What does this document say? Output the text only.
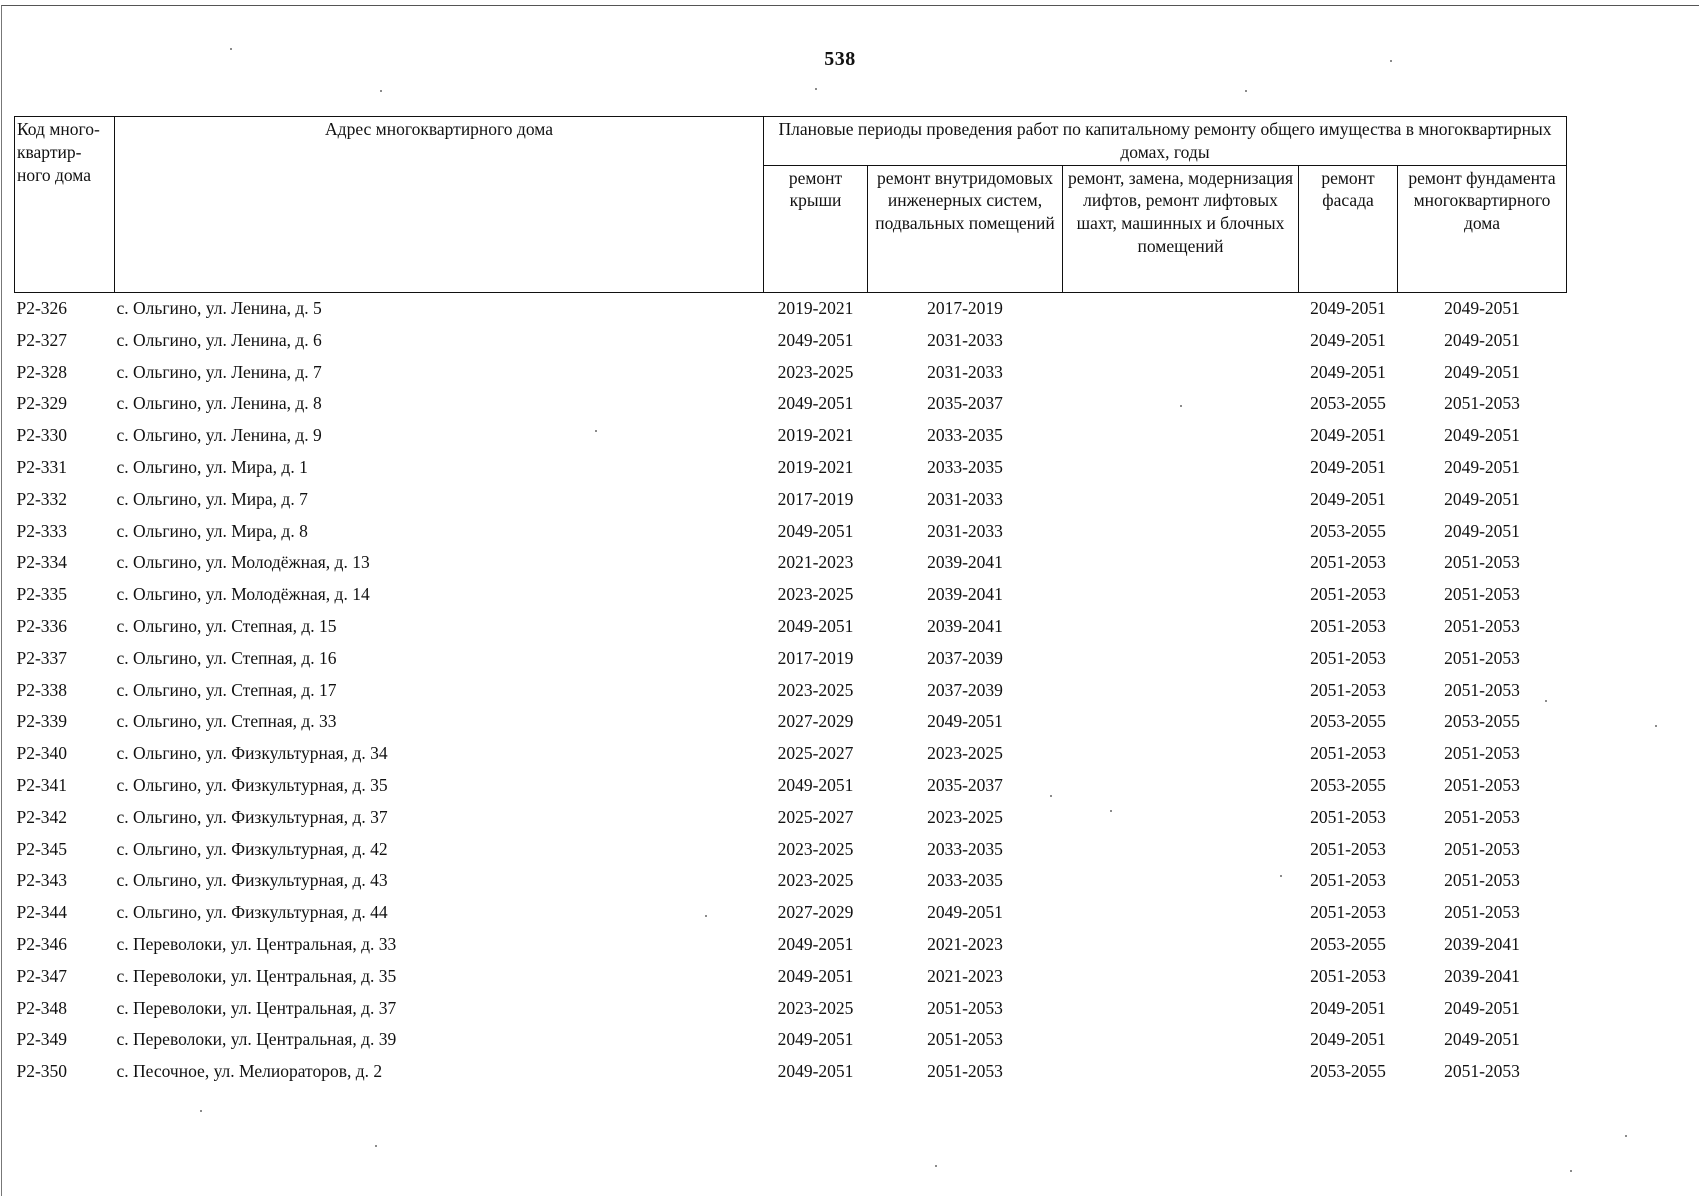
538
Код много-квартир-ного дома	Адрес многоквартирного дома	Плановые периоды проведения работ по капитальному ремонту общего имущества в многоквартирных домах, годы				
		ремонт крыши	ремонт внутридомовых инженерных систем, подвальных помещений	ремонт, замена, модернизация лифтов, ремонт лифтовых шахт, машинных и блочных помещений	ремонт фасада	ремонт фундамента многоквартирного дома
Р2-326	с. Ольгино, ул. Ленина, д. 5	2019-2021	2017-2019		2049-2051	2049-2051
Р2-327	с. Ольгино, ул. Ленина, д. 6	2049-2051	2031-2033		2049-2051	2049-2051
Р2-328	с. Ольгино, ул. Ленина, д. 7	2023-2025	2031-2033		2049-2051	2049-2051
Р2-329	с. Ольгино, ул. Ленина, д. 8	2049-2051	2035-2037		2053-2055	2051-2053
Р2-330	с. Ольгино, ул. Ленина, д. 9	2019-2021	2033-2035		2049-2051	2049-2051
Р2-331	с. Ольгино, ул. Мира, д. 1	2019-2021	2033-2035		2049-2051	2049-2051
Р2-332	с. Ольгино, ул. Мира, д. 7	2017-2019	2031-2033		2049-2051	2049-2051
Р2-333	с. Ольгино, ул. Мира, д. 8	2049-2051	2031-2033		2053-2055	2049-2051
Р2-334	с. Ольгино, ул. Молодёжная, д. 13	2021-2023	2039-2041		2051-2053	2051-2053
Р2-335	с. Ольгино, ул. Молодёжная, д. 14	2023-2025	2039-2041		2051-2053	2051-2053
Р2-336	с. Ольгино, ул. Степная, д. 15	2049-2051	2039-2041		2051-2053	2051-2053
Р2-337	с. Ольгино, ул. Степная, д. 16	2017-2019	2037-2039		2051-2053	2051-2053
Р2-338	с. Ольгино, ул. Степная, д. 17	2023-2025	2037-2039		2051-2053	2051-2053
Р2-339	с. Ольгино, ул. Степная, д. 33	2027-2029	2049-2051		2053-2055	2053-2055
Р2-340	с. Ольгино, ул. Физкультурная, д. 34	2025-2027	2023-2025		2051-2053	2051-2053
Р2-341	с. Ольгино, ул. Физкультурная, д. 35	2049-2051	2035-2037		2053-2055	2051-2053
Р2-342	с. Ольгино, ул. Физкультурная, д. 37	2025-2027	2023-2025		2051-2053	2051-2053
Р2-345	с. Ольгино, ул. Физкультурная, д. 42	2023-2025	2033-2035		2051-2053	2051-2053
Р2-343	с. Ольгино, ул. Физкультурная, д. 43	2023-2025	2033-2035		2051-2053	2051-2053
Р2-344	с. Ольгино, ул. Физкультурная, д. 44	2027-2029	2049-2051		2051-2053	2051-2053
Р2-346	с. Переволоки, ул. Центральная, д. 33	2049-2051	2021-2023		2053-2055	2039-2041
Р2-347	с. Переволоки, ул. Центральная, д. 35	2049-2051	2021-2023		2051-2053	2039-2041
Р2-348	с. Переволоки, ул. Центральная, д. 37	2023-2025	2051-2053		2049-2051	2049-2051
Р2-349	с. Переволоки, ул. Центральная, д. 39	2049-2051	2051-2053		2049-2051	2049-2051
Р2-350	с. Песочное, ул. Мелиораторов, д. 2	2049-2051	2051-2053		2053-2055	2051-2053
